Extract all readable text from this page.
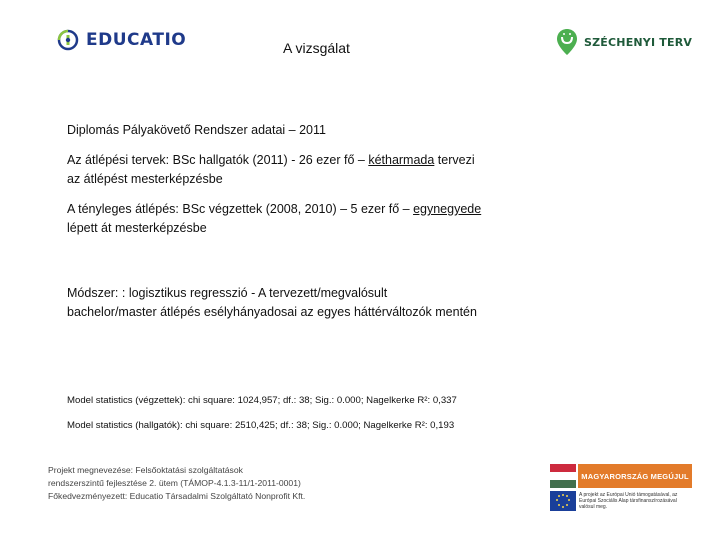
EDUCATIO	A vizsgálat	SZÉCHENYI TERV
Diplomás Pályakövető Rendszer adatai – 2011
Az átlépési tervek: BSc hallgatók (2011) - 26 ezer fő – kétharmada tervezi
az átlépést mesterképzésbe
A tényleges átlépés: BSc végzettek (2008, 2010) – 5 ezer fő – egynegyede
lépett át mesterképzésbe
Módszer: : logisztikus regresszió - A tervezett/megvalósult
bachelor/master átlépés esélyhányadosai az egyes háttérváltozók mentén
Model statistics (végzettek): chi square: 1024,957; df.: 38; Sig.: 0.000; Nagelkerke R²: 0,337
Model statistics (hallgatók): chi square: 2510,425; df.: 38; Sig.: 0.000; Nagelkerke R²: 0,193
Projekt megnevezése: Felsőoktatási szolgáltatások
rendszerszintű fejlesztése 2. ütem (TÁMOP-4.1.3-11/1-2011-0001)
Főkedvezményezett: Educatio Társadalmi Szolgáltató Nonprofit Kft.
MAGYARORSZÁG MEGÚJUL
A projekt az Európai Unió támogatásával, az Európai Szociális Alap társfinanszírozásával valósul meg.
